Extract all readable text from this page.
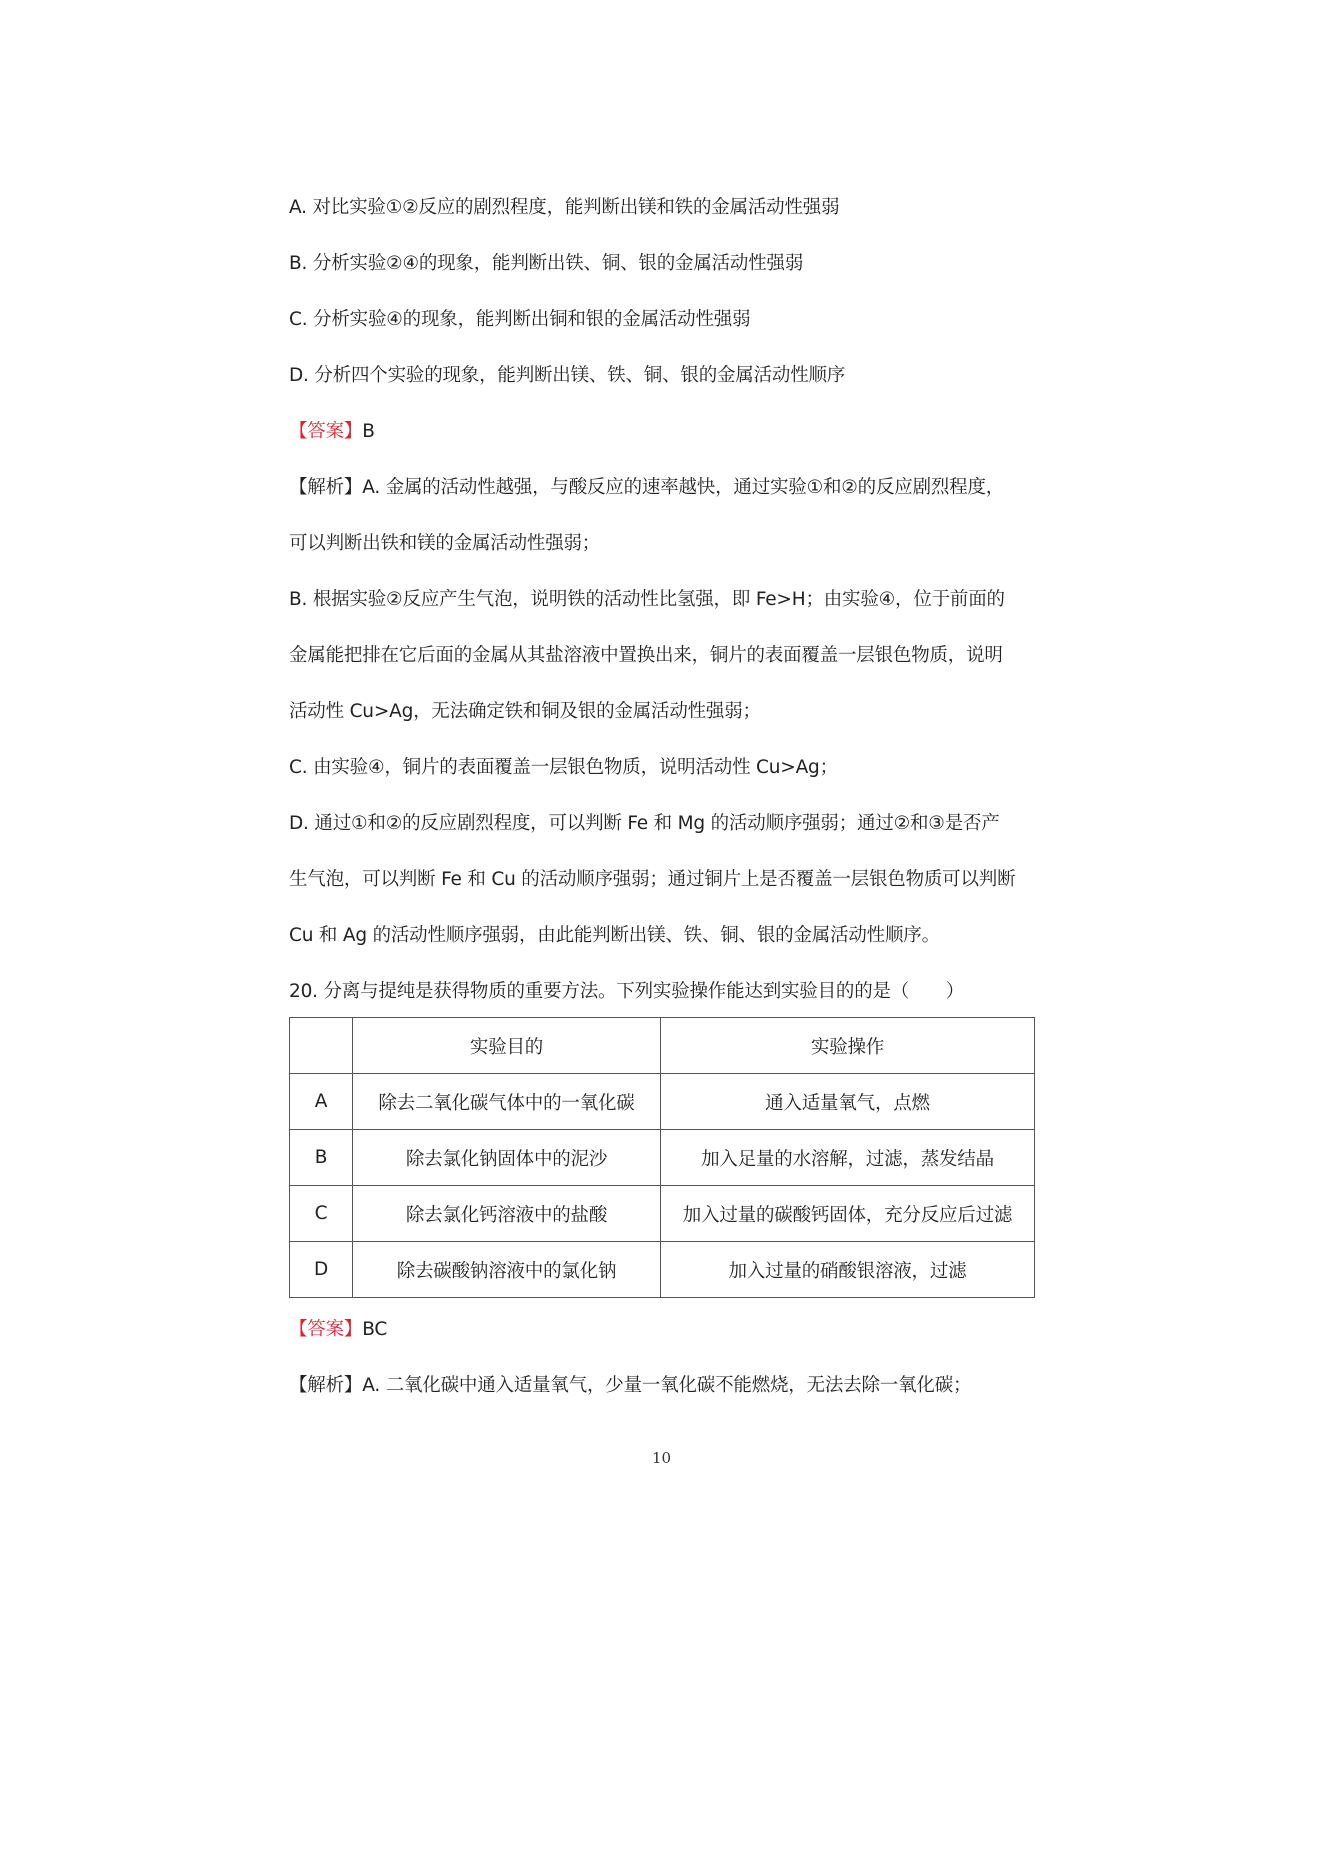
A. 对比实验①②反应的剧烈程度，能判断出镁和铁的金属活动性强弱
B. 分析实验②④的现象，能判断出铁、铜、银的金属活动性强弱
C. 分析实验④的现象，能判断出铜和银的金属活动性强弱
D. 分析四个实验的现象，能判断出镁、铁、铜、银的金属活动性顺序
【答案】B
【解析】A. 金属的活动性越强，与酸反应的速率越快，通过实验①和②的反应剧烈程度，
可以判断出铁和镁的金属活动性强弱；
B. 根据实验②反应产生气泡，说明铁的活动性比氢强，即 Fe>H；由实验④，位于前面的
金属能把排在它后面的金属从其盐溶液中置换出来，铜片的表面覆盖一层银色物质，说明
活动性 Cu>Ag，无法确定铁和铜及银的金属活动性强弱；
C. 由实验④，铜片的表面覆盖一层银色物质，说明活动性 Cu>Ag；
D. 通过①和②的反应剧烈程度，可以判断 Fe 和 Mg 的活动顺序强弱；通过②和③是否产
生气泡，可以判断 Fe 和 Cu 的活动顺序强弱；通过铜片上是否覆盖一层银色物质可以判断
Cu 和 Ag 的活动性顺序强弱，由此能判断出镁、铁、铜、银的金属活动性顺序。
20. 分离与提纯是获得物质的重要方法。下列实验操作能达到实验目的的是（　　）
	实验目的	实验操作
A	除去二氧化碳气体中的一氧化碳	通入适量氧气，点燃
B	除去氯化钠固体中的泥沙	加入足量的水溶解，过滤，蒸发结晶
C	除去氯化钙溶液中的盐酸	加入过量的碳酸钙固体，充分反应后过滤
D	除去碳酸钠溶液中的氯化钠	加入过量的硝酸银溶液，过滤
【答案】BC
【解析】A. 二氧化碳中通入适量氧气，少量一氧化碳不能燃烧，无法去除一氧化碳；
10
